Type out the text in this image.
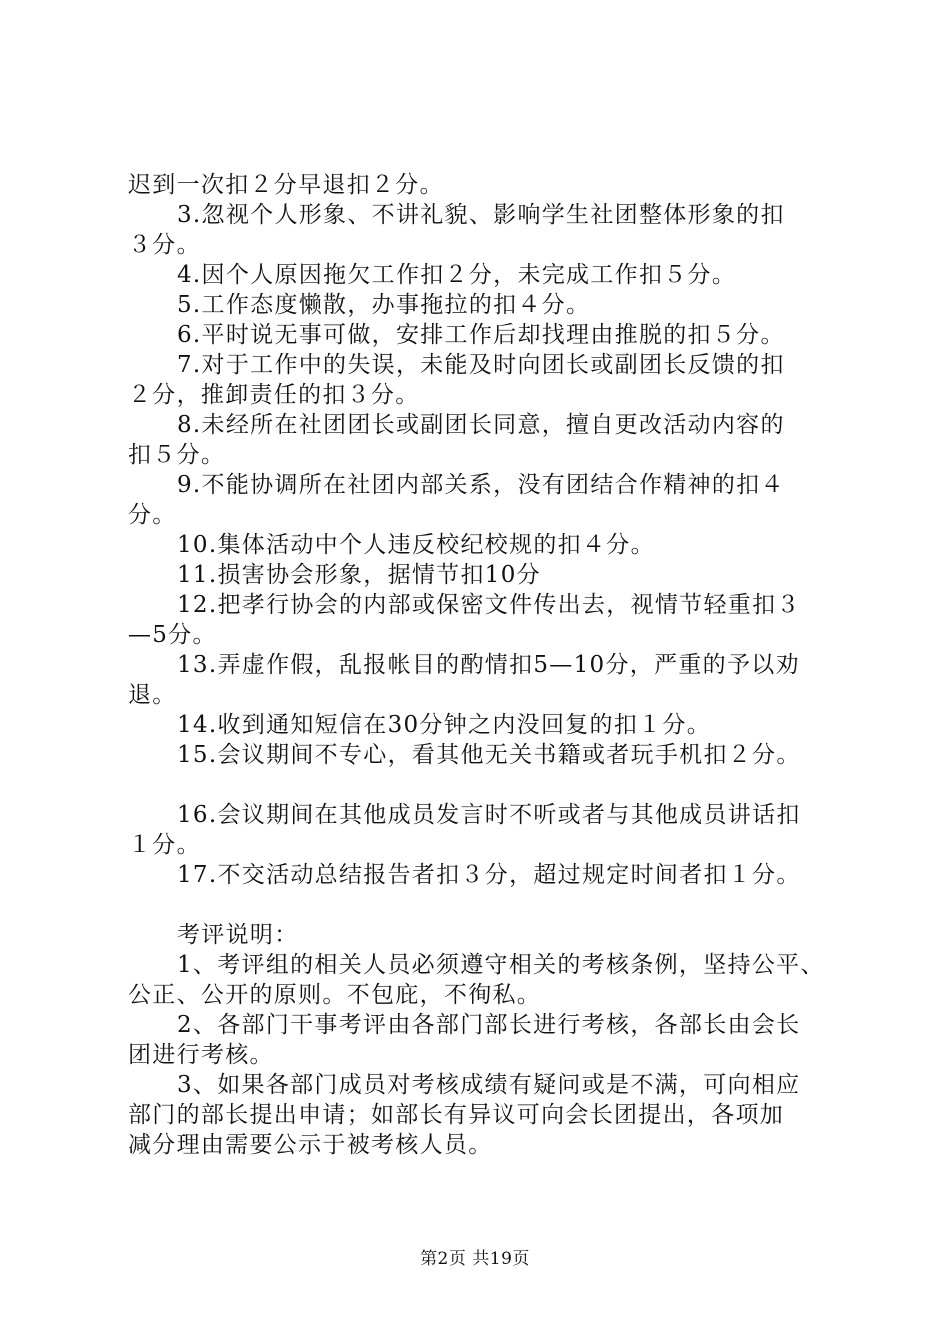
迟到一次扣２分早退扣２分。
3.忽视个人形象、不讲礼貌、影响学生社团整体形象的扣
３分。
4.因个人原因拖欠工作扣２分，未完成工作扣５分。
5.工作态度懒散，办事拖拉的扣４分。
6.平时说无事可做，安排工作后却找理由推脱的扣５分。
7.对于工作中的失误，未能及时向团长或副团长反馈的扣
２分，推卸责任的扣３分。
8.未经所在社团团长或副团长同意，擅自更改活动内容的
扣５分。
9.不能协调所在社团内部关系，没有团结合作精神的扣４
分。
10.集体活动中个人违反校纪校规的扣４分。
11.损害协会形象，据情节扣10分
12.把孝行协会的内部或保密文件传出去，视情节轻重扣３
—5分。
13.弄虚作假，乱报帐目的酌情扣5—10分，严重的予以劝
退。
14.收到通知短信在30分钟之内没回复的扣１分。
15.会议期间不专心，看其他无关书籍或者玩手机扣２分。
16.会议期间在其他成员发言时不听或者与其他成员讲话扣
１分。
17.不交活动总结报告者扣３分，超过规定时间者扣１分。
考评说明：
1、考评组的相关人员必须遵守相关的考核条例，坚持公平、
公正、公开的原则。不包庇，不徇私。
2、各部门干事考评由各部门部长进行考核，各部长由会长
团进行考核。
3、如果各部门成员对考核成绩有疑问或是不满，可向相应
部门的部长提出申请；如部长有异议可向会长团提出，各项加
减分理由需要公示于被考核人员。
第2页 共19页
